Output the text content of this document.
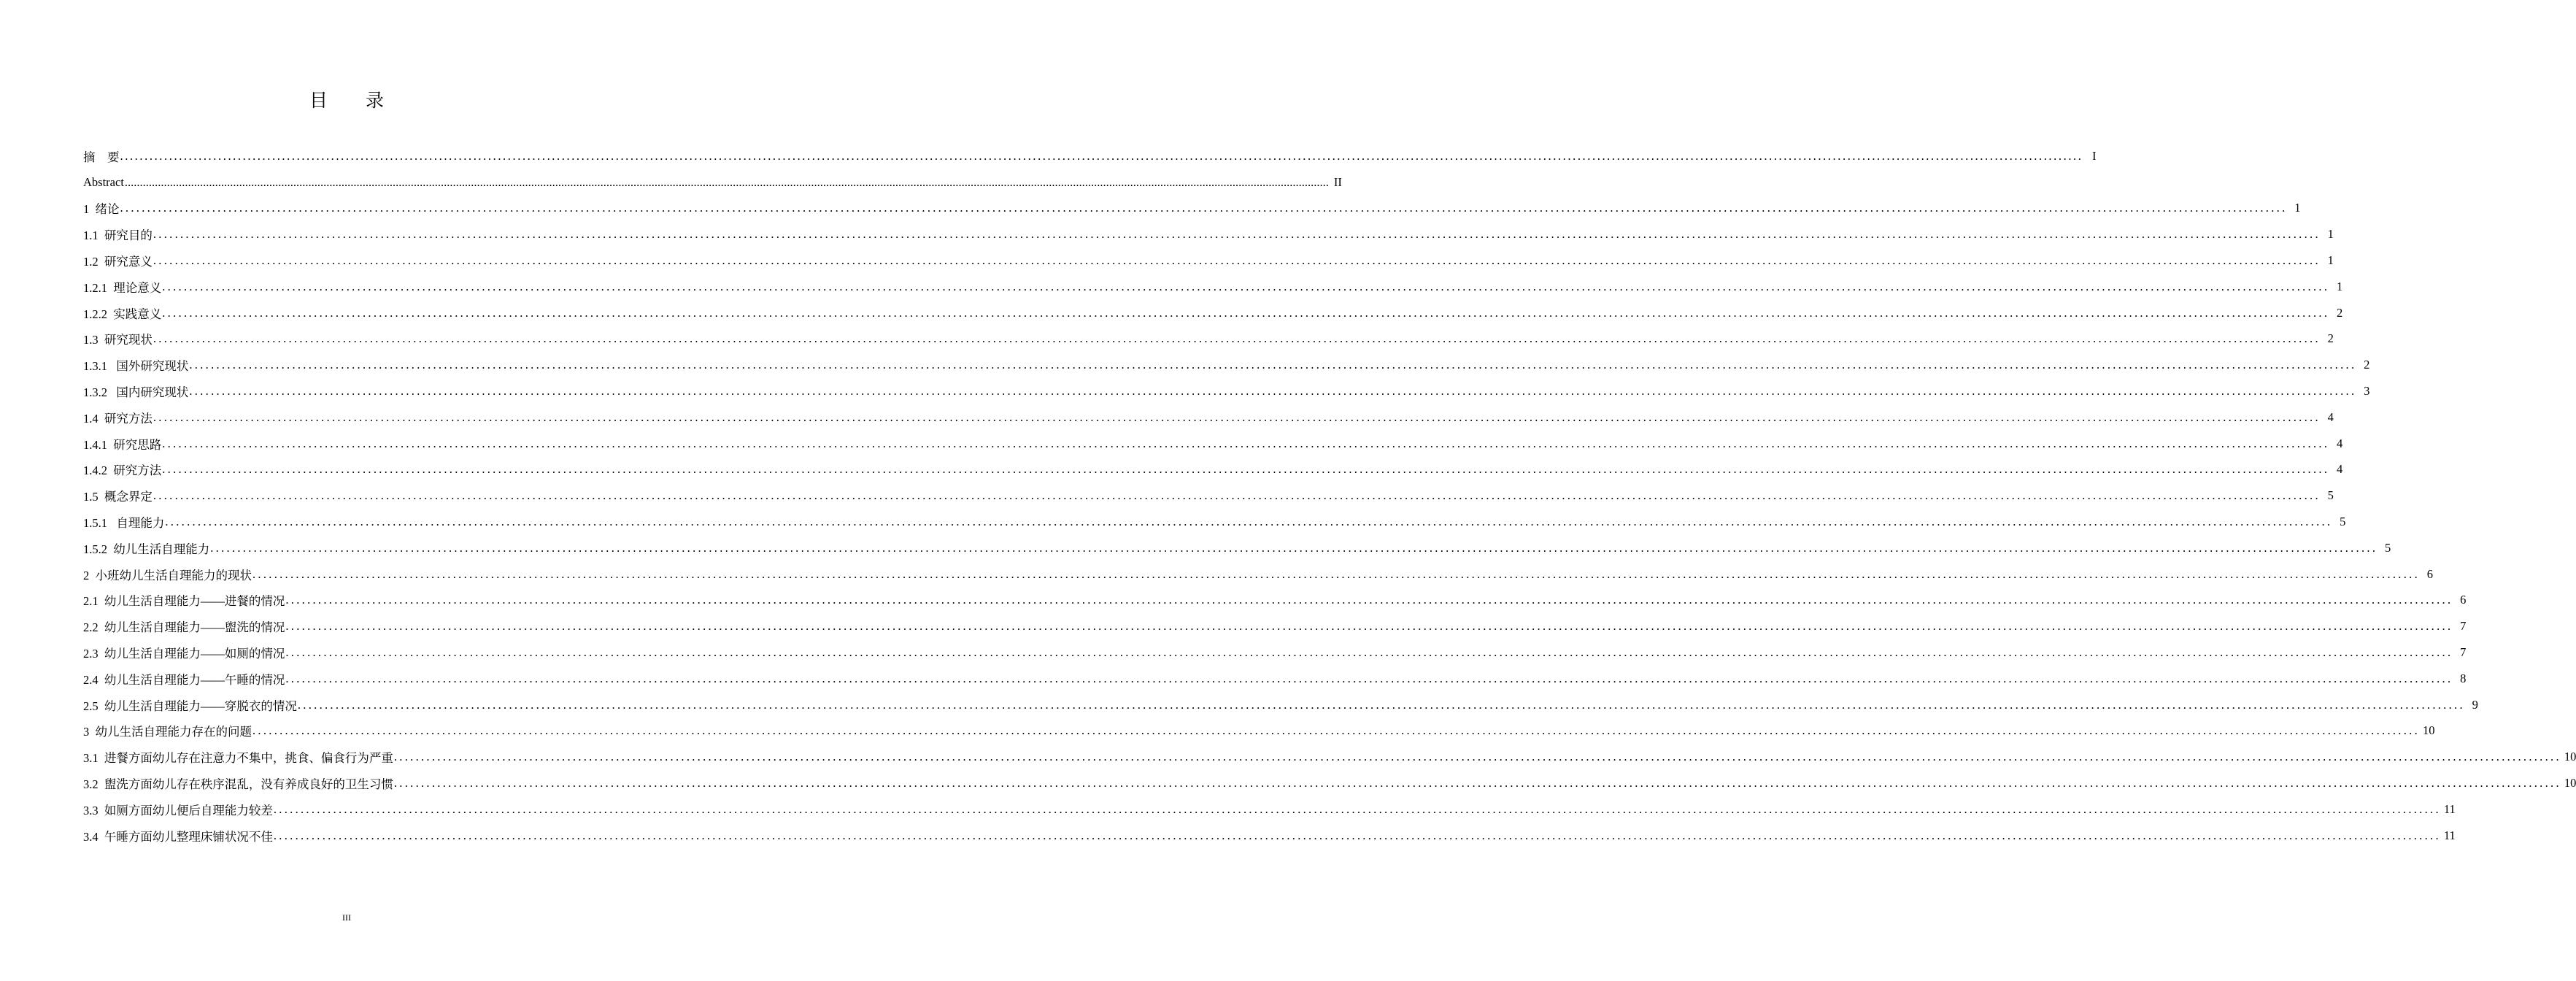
目 录
摘　要 ................................................................................................................................................................................................................................................................................................................................................................................................................ I
Abstract ................................................................................................................................................................................................................................................................................................................................................................................................................ II
1  绪论 ................................................................................................................................................................................................................................................................................................................................................................................................................ 1
1.1  研究目的 ................................................................................................................................................................................................................................................................................................................................................................................................................ 1
1.2  研究意义 ................................................................................................................................................................................................................................................................................................................................................................................................................ 1
1.2.1  理论意义 ................................................................................................................................................................................................................................................................................................................................................................................................................ 1
1.2.2  实践意义 ................................................................................................................................................................................................................................................................................................................................................................................................................ 2
1.3  研究现状 ................................................................................................................................................................................................................................................................................................................................................................................................................ 2
1.3.1   国外研究现状 ................................................................................................................................................................................................................................................................................................................................................................................................................ 2
1.3.2   国内研究现状 ................................................................................................................................................................................................................................................................................................................................................................................................................ 3
1.4  研究方法 ................................................................................................................................................................................................................................................................................................................................................................................................................ 4
1.4.1  研究思路 ................................................................................................................................................................................................................................................................................................................................................................................................................ 4
1.4.2  研究方法 ................................................................................................................................................................................................................................................................................................................................................................................................................ 4
1.5  概念界定 ................................................................................................................................................................................................................................................................................................................................................................................................................ 5
1.5.1   自理能力 ................................................................................................................................................................................................................................................................................................................................................................................................................ 5
1.5.2  幼儿生活自理能力 ................................................................................................................................................................................................................................................................................................................................................................................................................ 5
2  小班幼儿生活自理能力的现状 ................................................................................................................................................................................................................................................................................................................................................................................................................ 6
2.1  幼儿生活自理能力——进餐的情况 ................................................................................................................................................................................................................................................................................................................................................................................................................ 6
2.2  幼儿生活自理能力——盥洗的情况 ................................................................................................................................................................................................................................................................................................................................................................................................................ 7
2.3  幼儿生活自理能力——如厕的情况 ................................................................................................................................................................................................................................................................................................................................................................................................................ 7
2.4  幼儿生活自理能力——午睡的情况 ................................................................................................................................................................................................................................................................................................................................................................................................................ 8
2.5  幼儿生活自理能力——穿脱衣的情况 ................................................................................................................................................................................................................................................................................................................................................................................................................ 9
3  幼儿生活自理能力存在的问题 ................................................................................................................................................................................................................................................................................................................................................................................................................ 10
3.1  进餐方面幼儿存在注意力不集中，挑食、偏食行为严重 ................................................................................................................................................................................................................................................................................................................................................................................................................ 10
3.2  盥洗方面幼儿存在秩序混乱，没有养成良好的卫生习惯 ................................................................................................................................................................................................................................................................................................................................................................................................................ 10
3.3  如厕方面幼儿便后自理能力较差 ................................................................................................................................................................................................................................................................................................................................................................................................................ 11
3.4  午睡方面幼儿整理床铺状况不佳 ................................................................................................................................................................................................................................................................................................................................................................................................................ 11
III
